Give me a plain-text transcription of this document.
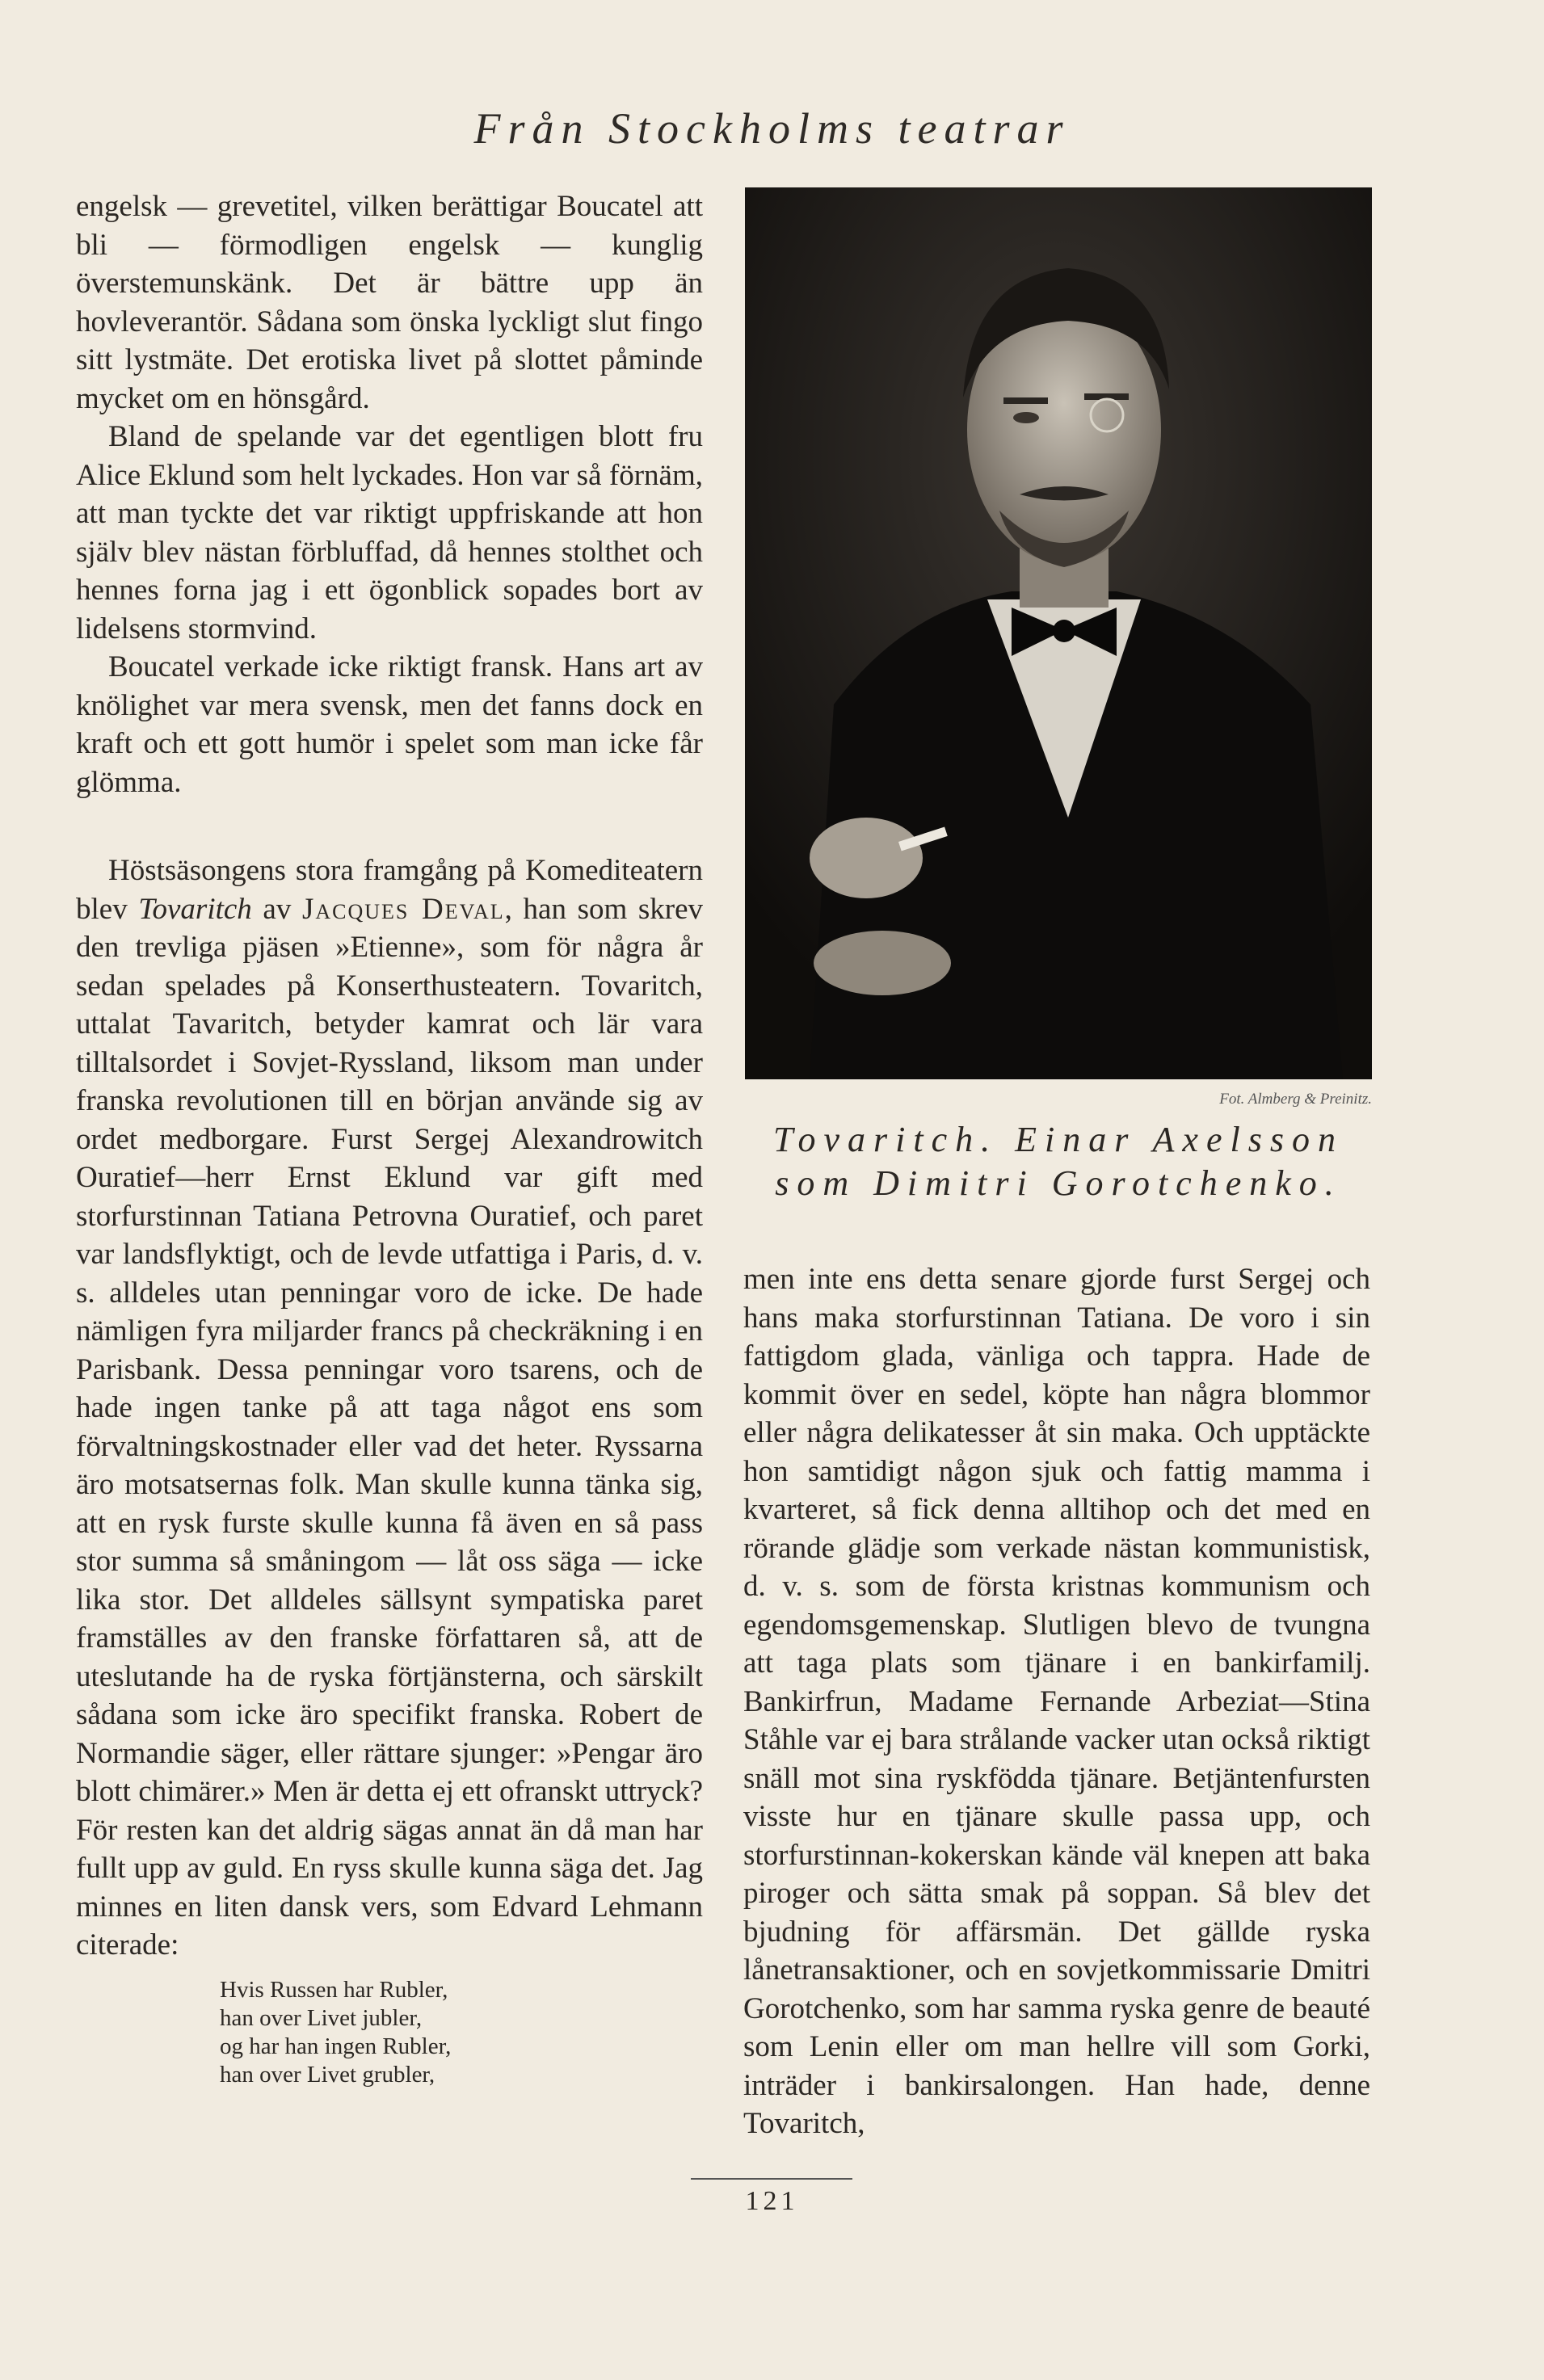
Från Stockholms teatrar

engelsk — grevetitel, vilken berättigar Boucatel att bli — förmodligen engelsk — kunglig överstemunskänk. Det är bättre upp än hovleverantör. Sådana som önska lyckligt slut fingo sitt lystmäte. Det erotiska livet på slottet påminde mycket om en hönsgård.

Bland de spelande var det egentligen blott fru Alice Eklund som helt lyckades. Hon var så förnäm, att man tyckte det var riktigt uppfriskande att hon själv blev nästan förbluffad, då hennes stolthet och hennes forna jag i ett ögonblick sopades bort av lidelsens stormvind.

Boucatel verkade icke riktigt fransk. Hans art av knölighet var mera svensk, men det fanns dock en kraft och ett gott humör i spelet som man icke får glömma.

Höstsäsongens stora framgång på Komediteatern blev Tovaritch av Jacques Deval, han som skrev den trevliga pjäsen »Etienne», som för några år sedan spelades på Konserthusteatern. Tovaritch, uttalat Tavaritch, betyder kamrat och lär vara tilltalsordet i Sovjet-Ryssland, liksom man under franska revolutionen till en början använde sig av ordet medborgare. Furst Sergej Alexandrowitch Ouratief—herr Ernst Eklund var gift med storfurstinnan Tatiana Petrovna Ouratief, och paret var landsflyktigt, och de levde utfattiga i Paris, d. v. s. alldeles utan penningar voro de icke. De hade nämligen fyra miljarder francs på checkräkning i en Parisbank. Dessa penningar voro tsarens, och de hade ingen tanke på att taga något ens som förvaltningskostnader eller vad det heter. Ryssarna äro motsatsernas folk. Man skulle kunna tänka sig, att en rysk furste skulle kunna få även en så pass stor summa så småningom — låt oss säga — icke lika stor. Det alldeles sällsynt sympatiska paret framställes av den franske författaren så, att de uteslutande ha de ryska förtjänsterna, och särskilt sådana som icke äro specifikt franska. Robert de Normandie säger, eller rättare sjunger: »Pengar äro blott chimärer.» Men är detta ej ett ofranskt uttryck? För resten kan det aldrig sägas annat än då man har fullt upp av guld. En ryss skulle kunna säga det. Jag minnes en liten dansk vers, som Edvard Lehmann citerade:

Hvis Russen har Rubler,
han over Livet jubler,
og har han ingen Rubler,
han over Livet grubler,
Fot. Almberg & Preinitz.
Tovaritch. Einar Axelsson
som Dimitri Gorotchenko.

men inte ens detta senare gjorde furst Sergej och hans maka storfurstinnan Tatiana. De voro i sin fattigdom glada, vänliga och tappra. Hade de kommit över en sedel, köpte han några blommor eller några delikatesser åt sin maka. Och upptäckte hon samtidigt någon sjuk och fattig mamma i kvarteret, så fick denna alltihop och det med en rörande glädje som verkade nästan kommunistisk, d. v. s. som de första kristnas kommunism och egendomsgemenskap. Slutligen blevo de tvungna att taga plats som tjänare i en bankirfamilj. Bankirfrun, Madame Fernande Arbeziat—Stina Ståhle var ej bara strålande vacker utan också riktigt snäll mot sina ryskfödda tjänare. Betjäntenfursten visste hur en tjänare skulle passa upp, och storfurstinnan-kokerskan kände väl knepen att baka piroger och sätta smak på soppan. Så blev det bjudning för affärsmän. Det gällde ryska lånetransaktioner, och en sovjetkommissarie Dmitri Gorotchenko, som har samma ryska genre de beauté som Lenin eller om man hellre vill som Gorki, inträder i bankirsalongen. Han hade, denne Tovaritch,

121
